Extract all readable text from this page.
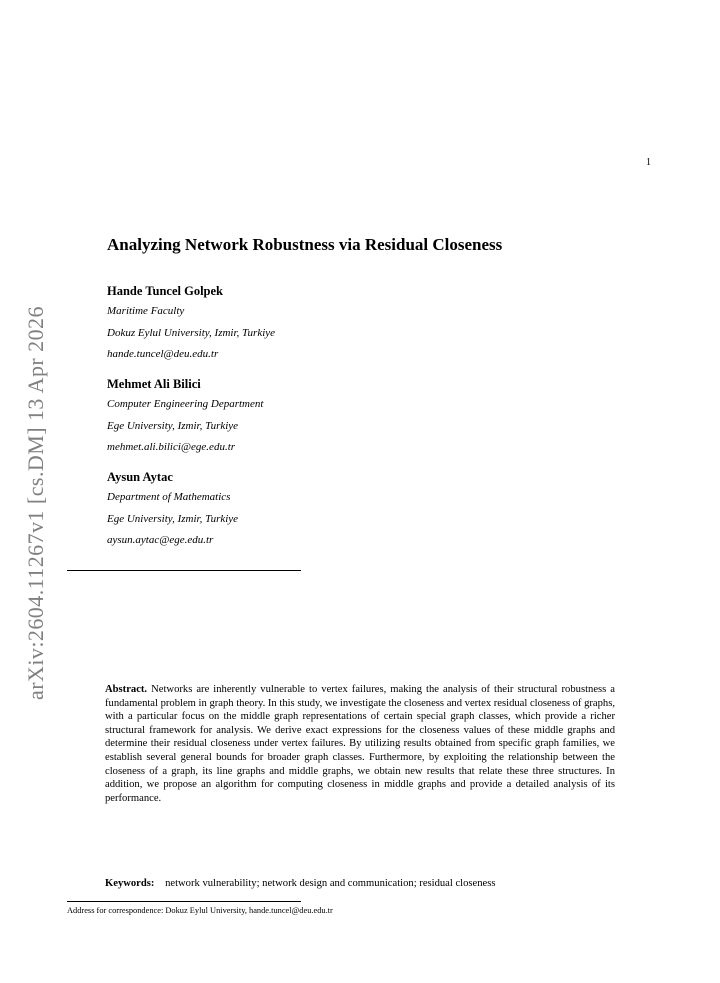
1
arXiv:2604.11267v1 [cs.DM] 13 Apr 2026
Analyzing Network Robustness via Residual Closeness
Hande Tuncel Golpek
Maritime Faculty
Dokuz Eylul University, Izmir, Turkiye
hande.tuncel@deu.edu.tr
Mehmet Ali Bilici
Computer Engineering Department
Ege University, Izmir, Turkiye
mehmet.ali.bilici@ege.edu.tr
Aysun Aytac
Department of Mathematics
Ege University, Izmir, Turkiye
aysun.aytac@ege.edu.tr
Abstract. Networks are inherently vulnerable to vertex failures, making the analysis of their structural robustness a fundamental problem in graph theory. In this study, we investigate the closeness and vertex residual closeness of graphs, with a particular focus on the middle graph representations of certain special graph classes, which provide a richer structural framework for analysis. We derive exact expressions for the closeness values of these middle graphs and determine their residual closeness under vertex failures. By utilizing results obtained from specific graph families, we establish several general bounds for broader graph classes. Furthermore, by exploiting the relationship between the closeness of a graph, its line graphs and middle graphs, we obtain new results that relate these three structures. In addition, we propose an algorithm for computing closeness in middle graphs and provide a detailed analysis of its performance.
Keywords: network vulnerability; network design and communication; residual closeness
Address for correspondence: Dokuz Eylul University, hande.tuncel@deu.edu.tr
